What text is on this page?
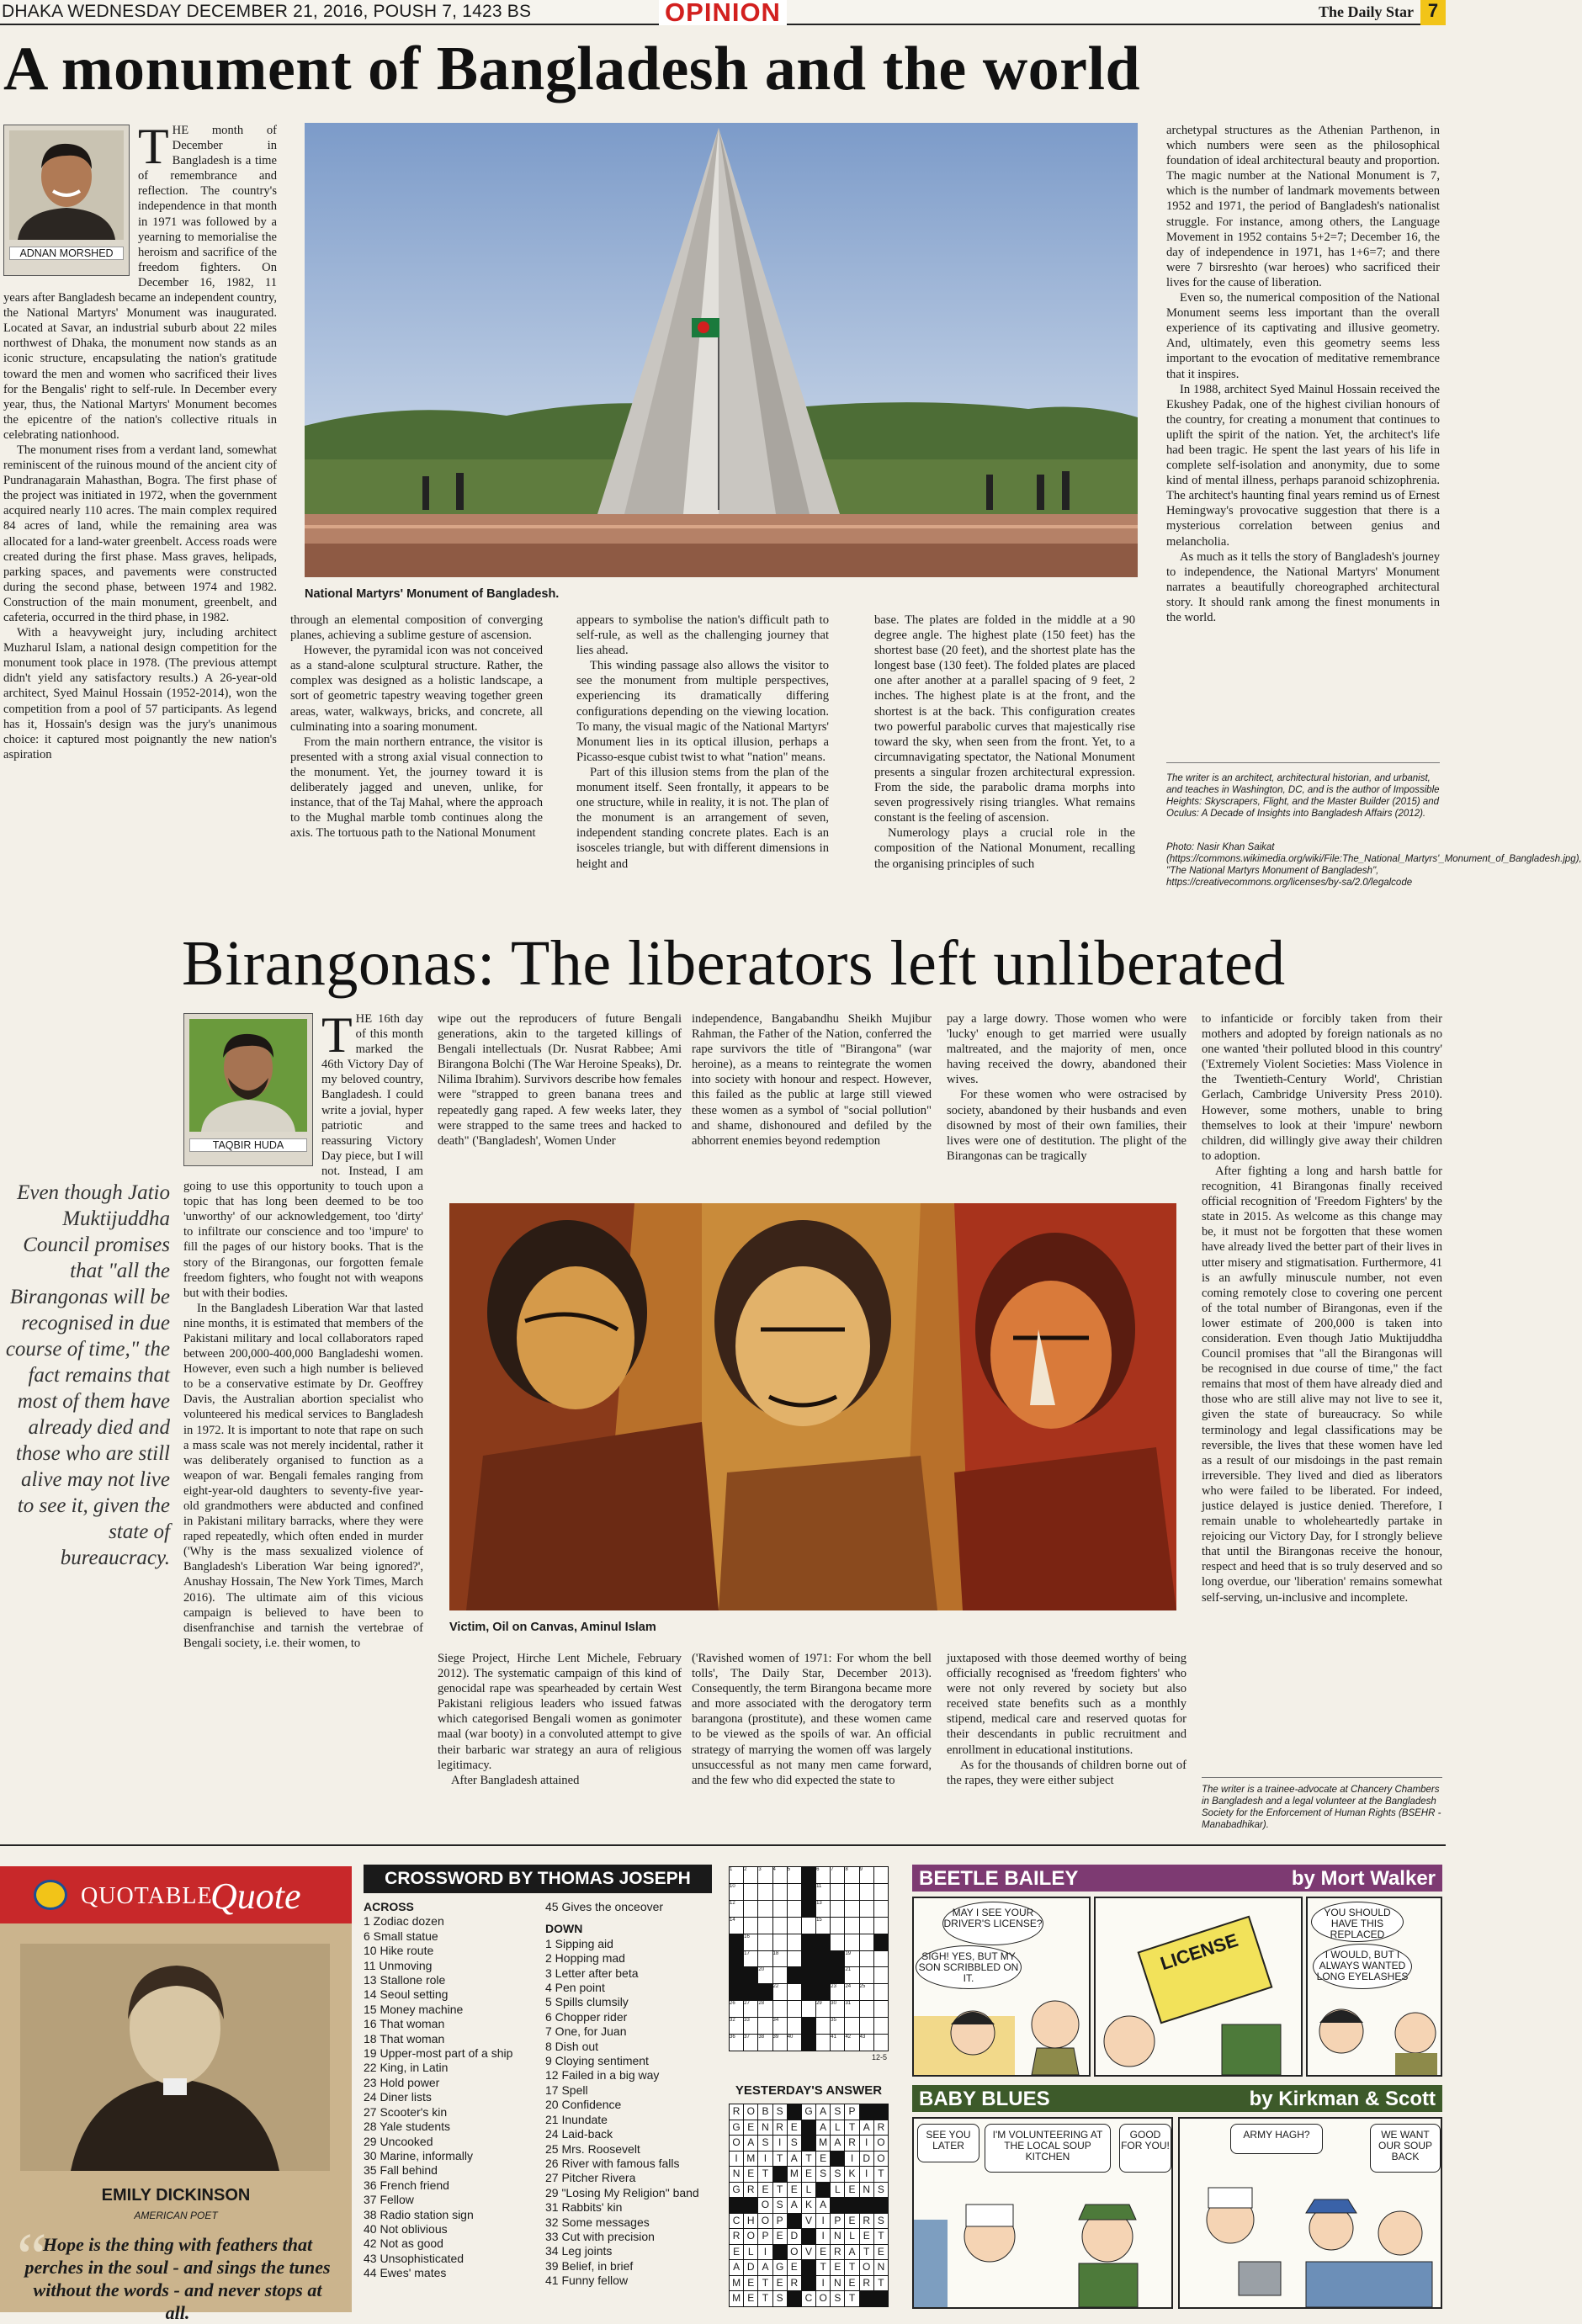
DHAKA WEDNESDAY DECEMBER 21, 2016, POUSH 7, 1423 BS	OPINION	The Daily Star 7
A monument of Bangladesh and the world
ADNAN MORSHED
T HE month of December in Bangladesh is a time of remembrance and reflection. The country's independence in that month in 1971 was followed by a yearning to memorialise the heroism and sacrifice of the freedom fighters. On December 16, 1982, 11 years after Bangladesh became an independent country, the National Martyrs' Monument was inaugurated. Located at Savar, an industrial suburb about 22 miles northwest of Dhaka, the monument now stands as an iconic structure, encapsulating the nation's gratitude toward the men and women who sacrificed their lives for the Bengalis' right to self-rule. In December every year, thus, the National Martyrs' Monument becomes the epicentre of the nation's collective rituals in celebrating nationhood.

The monument rises from a verdant land, somewhat reminiscent of the ruinous mound of the ancient city of Pundranagarain Mahasthan, Bogra. The first phase of the project was initiated in 1972, when the government acquired nearly 110 acres. The main complex required 84 acres of land, while the remaining area was allocated for a land-water greenbelt. Access roads were created during the first phase. Mass graves, helipads, parking spaces, and pavements were constructed during the second phase, between 1974 and 1982. Construction of the main monument, greenbelt, and cafeteria, occurred in the third phase, in 1982.

With a heavyweight jury, including architect Muzharul Islam, a national design competition for the monument took place in 1978. (The previous attempt didn't yield any satisfactory results.) A 26-year-old architect, Syed Mainul Hossain (1952-2014), won the competition from a pool of 57 participants. As legend has it, Hossain's design was the jury's unanimous choice: it captured most poignantly the new nation's aspiration

National Martyrs' Monument of Bangladesh.

through an elemental composition of converging planes, achieving a sublime gesture of ascension.

However, the pyramidal icon was not conceived as a stand-alone sculptural structure. Rather, the complex was designed as a holistic landscape, a sort of geometric tapestry weaving together green areas, water, walkways, bricks, and concrete, all culminating into a soaring monument.

From the main northern entrance, the visitor is presented with a strong axial visual connection to the monument. Yet, the journey toward it is deliberately jagged and uneven, unlike, for instance, that of the Taj Mahal, where the approach to the Mughal marble tomb continues along the axis. The tortuous path to the National Monument

appears to symbolise the nation's difficult path to self-rule, as well as the challenging journey that lies ahead.

This winding passage also allows the visitor to see the monument from multiple perspectives, experiencing its dramatically differing configurations depending on the viewing location. To many, the visual magic of the National Martyrs' Monument lies in its optical illusion, perhaps a Picasso-esque cubist twist to what "nation" means.

Part of this illusion stems from the plan of the monument itself. Seen frontally, it appears to be one structure, while in reality, it is not. The plan of the monument is an arrangement of seven, independent standing concrete plates. Each is an isosceles triangle, but with different dimensions in height and

base. The plates are folded in the middle at a 90 degree angle. The highest plate (150 feet) has the shortest base (20 feet), and the shortest plate has the longest base (130 feet). The folded plates are placed one after another at a parallel spacing of 9 feet, 2 inches. The highest plate is at the front, and the shortest is at the back. This configuration creates two powerful parabolic curves that majestically rise toward the sky, when seen from the front. Yet, to a circumnavigating spectator, the National Monument presents a singular frozen architectural expression. From the side, the parabolic drama morphs into seven progressively rising triangles. What remains constant is the feeling of ascension.

Numerology plays a crucial role in the composition of the National Monument, recalling the organising principles of such

archetypal structures as the Athenian Parthenon, in which numbers were seen as the philosophical foundation of ideal architectural beauty and proportion. The magic number at the National Monument is 7, which is the number of landmark movements between 1952 and 1971, the period of Bangladesh's nationalist struggle. For instance, among others, the Language Movement in 1952 contains 5+2=7; December 16, the day of independence in 1971, has 1+6=7; and there were 7 birsreshto (war heroes) who sacrificed their lives for the cause of liberation.

Even so, the numerical composition of the National Monument seems less important than the overall experience of its captivating and illusive geometry. And, ultimately, even this geometry seems less important to the evocation of meditative remembrance that it inspires.

In 1988, architect Syed Mainul Hossain received the Ekushey Padak, one of the highest civilian honours of the country, for creating a monument that continues to uplift the spirit of the nation. Yet, the architect's life had been tragic. He spent the last years of his life in complete self-isolation and anonymity, due to some kind of mental illness, perhaps paranoid schizophrenia. The architect's haunting final years remind us of Ernest Hemingway's provocative suggestion that there is a mysterious correlation between genius and melancholia.

As much as it tells the story of Bangladesh's journey to independence, the National Martyrs' Monument narrates a beautifully choreographed architectural story. It should rank among the finest monuments in the world.

The writer is an architect, architectural historian, and urbanist, and teaches in Washington, DC, and is the author of Impossible Heights: Skyscrapers, Flight, and the Master Builder (2015) and Oculus: A Decade of Insights into Bangladesh Affairs (2012).
Photo: Nasir Khan Saikat (https://commons.wikimedia.org/wiki/File:The_National_Martyrs'_Monument_of_Bangladesh.jpg), "The National Martyrs Monument of Bangladesh", https://creativecommons.org/licenses/by-sa/2.0/legalcode
Birangonas: The liberators left unliberated
TAQBIR HUDA
Even though Jatio Muktijuddha Council promises that "all the Birangonas will be recognised in due course of time," the fact remains that most of them have already died and those who are still alive may not live to see it, given the state of bureaucracy.
T HE 16th day of this month marked the 46th Victory Day of my beloved country, Bangladesh. I could write a jovial, hyper patriotic and reassuring Victory Day piece, but I will not. Instead, I am going to use this opportunity to touch upon a topic that has long been deemed to be too 'unworthy' of our acknowledgement, too 'dirty' to infiltrate our conscience and too 'impure' to fill the pages of our history books. That is the story of the Birangonas, our forgotten female freedom fighters, who fought not with weapons but with their bodies.

In the Bangladesh Liberation War that lasted nine months, it is estimated that members of the Pakistani military and local collaborators raped between 200,000-400,000 Bangladeshi women. However, even such a high number is believed to be a conservative estimate by Dr. Geoffrey Davis, the Australian abortion specialist who volunteered his medical services to Bangladesh in 1972. It is important to note that rape on such a mass scale was not merely incidental, rather it was deliberately organised to function as a weapon of war. Bengali females ranging from eight-year-old daughters to seventy-five year-old grandmothers were abducted and confined in Pakistani military barracks, where they were raped repeatedly, which often ended in murder ('Why is the mass sexualized violence of Bangladesh's Liberation War being ignored?', Anushay Hossain, The New York Times, March 2016). The ultimate aim of this vicious campaign is believed to have been to disenfranchise and tarnish the vertebrae of Bengali society, i.e. their women, to

wipe out the reproducers of future Bengali generations, akin to the targeted killings of Bengali intellectuals (Dr. Nusrat Rabbee; Ami Birangona Bolchi (The War Heroine Speaks), Dr. Nilima Ibrahim). Survivors describe how females were "strapped to green banana trees and repeatedly gang raped. A few weeks later, they were strapped to the same trees and hacked to death" ('Bangladesh', Women Under

independence, Bangabandhu Sheikh Mujibur Rahman, the Father of the Nation, conferred the rape survivors the title of "Birangona" (war heroine), as a means to reintegrate the women into society with honour and respect. However, this failed as the public at large still viewed these women as a symbol of "social pollution" and shame, dishonoured and defiled by the abhorrent enemies beyond redemption

pay a large dowry. Those women who were 'lucky' enough to get married were usually maltreated, and the majority of men, once having received the dowry, abandoned their wives.

For these women who were ostracised by society, abandoned by their husbands and even disowned by most of their own families, their lives were one of destitution. The plight of the Birangonas can be tragically

Victim, Oil on Canvas, Aminul Islam

Siege Project, Hirche Lent Michele, February 2012). The systematic campaign of this kind of genocidal rape was spearheaded by certain West Pakistani religious leaders who issued fatwas which categorised Bengali women as gonimoter maal (war booty) in a convoluted attempt to give their barbaric war strategy an aura of religious legitimacy.

After Bangladesh attained

('Ravished women of 1971: For whom the bell tolls', The Daily Star, December 2013). Consequently, the term Birangona became more and more associated with the derogatory term barangona (prostitute), and these women came to be viewed as the spoils of war. An official strategy of marrying the women off was largely unsuccessful as not many men came forward, and the few who did expected the state to

juxtaposed with those deemed worthy of being officially recognised as 'freedom fighters' who were not only revered by society but also received state benefits such as a monthly stipend, medical care and reserved quotas for their descendants in public recruitment and enrollment in educational institutions.

As for the thousands of children borne out of the rapes, they were either subject

to infanticide or forcibly taken from their mothers and adopted by foreign nationals as no one wanted 'their polluted blood in this country' ('Extremely Violent Societies: Mass Violence in the Twentieth-Century World', Christian Gerlach, Cambridge University Press 2010). However, some mothers, unable to bring themselves to look at their 'impure' newborn children, did willingly give away their children to adoption.

After fighting a long and harsh battle for recognition, 41 Birangonas finally received official recognition of 'Freedom Fighters' by the state in 2015. As welcome as this change may be, it must not be forgotten that these women have already lived the better part of their lives in utter misery and stigmatisation. Furthermore, 41 is an awfully minuscule number, not even coming remotely close to covering one percent of the total number of Birangonas, even if the lower estimate of 200,000 is taken into consideration. Even though Jatio Muktijuddha Council promises that "all the Birangonas will be recognised in due course of time," the fact remains that most of them have already died and those who are still alive may not live to see it, given the state of bureaucracy. So while terminology and legal classifications may be reversible, the lives that these women have led as a result of our misdoings in the past remain irreversible. They lived and died as liberators who were failed to be liberated. For indeed, justice delayed is justice denied. Therefore, I remain unable to wholeheartedly partake in rejoicing our Victory Day, for I strongly believe that until the Birangonas receive the honour, respect and heed that is so truly deserved and so long overdue, our 'liberation' remains somewhat self-serving, un-inclusive and incomplete.

The writer is a trainee-advocate at Chancery Chambers in Bangladesh and a legal volunteer at the Bangladesh Society for the Enforcement of Human Rights (BSEHR - Manabadhikar).
QUOTABLE
Quote
EMILY DICKINSON
AMERICAN POET
“
Hope is the thing with feathers that perches in the soul - and sings the tunes without the words - and never stops at all.
CROSSWORD BY THOMAS JOSEPH
ACROSS
1 Zodiac dozen
6 Small statue
10 Hike route
11 Unmoving
13 Stallone role
14 Seoul setting
15 Money machine
16 That woman
18 That woman
19 Upper-most part of a ship
22 King, in Latin
23 Hold power
24 Diner lists
27 Scooter's kin
28 Yale students
29 Uncooked
30 Marine, informally
35 Fall behind
36 French friend
37 Fellow
38 Radio station sign
40 Not oblivious
42 Not as good
43 Unsophisticated
44 Ewes' mates
45 Gives the onceover
DOWN
1 Sipping aid
2 Hopping mad
3 Letter after beta
4 Pen point
5 Spills clumsily
6 Chopper rider
7 One, for Juan
8 Dish out
9 Cloying sentiment
12 Failed in a big way
17 Spell
20 Confidence
21 Inundate
24 Laid-back
25 Mrs. Roosevelt
26 River with famous falls
27 Pitcher Rivera
29 "Losing My Religion" band
31 Rabbits' kin
32 Some messages
33 Cut with precision
34 Leg joints
39 Belief, in brief
41 Funny fellow
1	2	3	4	5	6	7	8	9
10	11
12	13
14	15
16
17	18	19
20	21
22	23	24	25
26	27	28	29	30	31
32	33	34	35
36	37	38	39	40	41	42	43
12-5
YESTERDAY'S ANSWER
R O B S	G A S P
G E N R E	A L T A R
O A S I S	M A R I O
I M I T A T E	I D O
N E T	M E S S K I T
G R E T E L	L E N S
O S A K A
C H O P	V I P E R S
R O P E D	I N L E T
E L	I	O V E R A T E
A D A G E	T E T O N
M E T E R	I N E R T
M E T S	C O S T
BEETLE BAILEY	by Mort Walker
MAY I SEE YOUR DRIVER'S LICENSE?
SIGH! YES, BUT MY SON SCRIBBLED ON IT.
LICENSE
YOU SHOULD HAVE THIS REPLACED
I WOULD, BUT I ALWAYS WANTED LONG EYELASHES
BABY BLUES	by Kirkman & Scott
SEE YOU LATER
I'M VOLUNTEERING AT THE LOCAL SOUP KITCHEN
GOOD FOR YOU!
ARMY HAGH?	WE WANT OUR SOUP BACK
